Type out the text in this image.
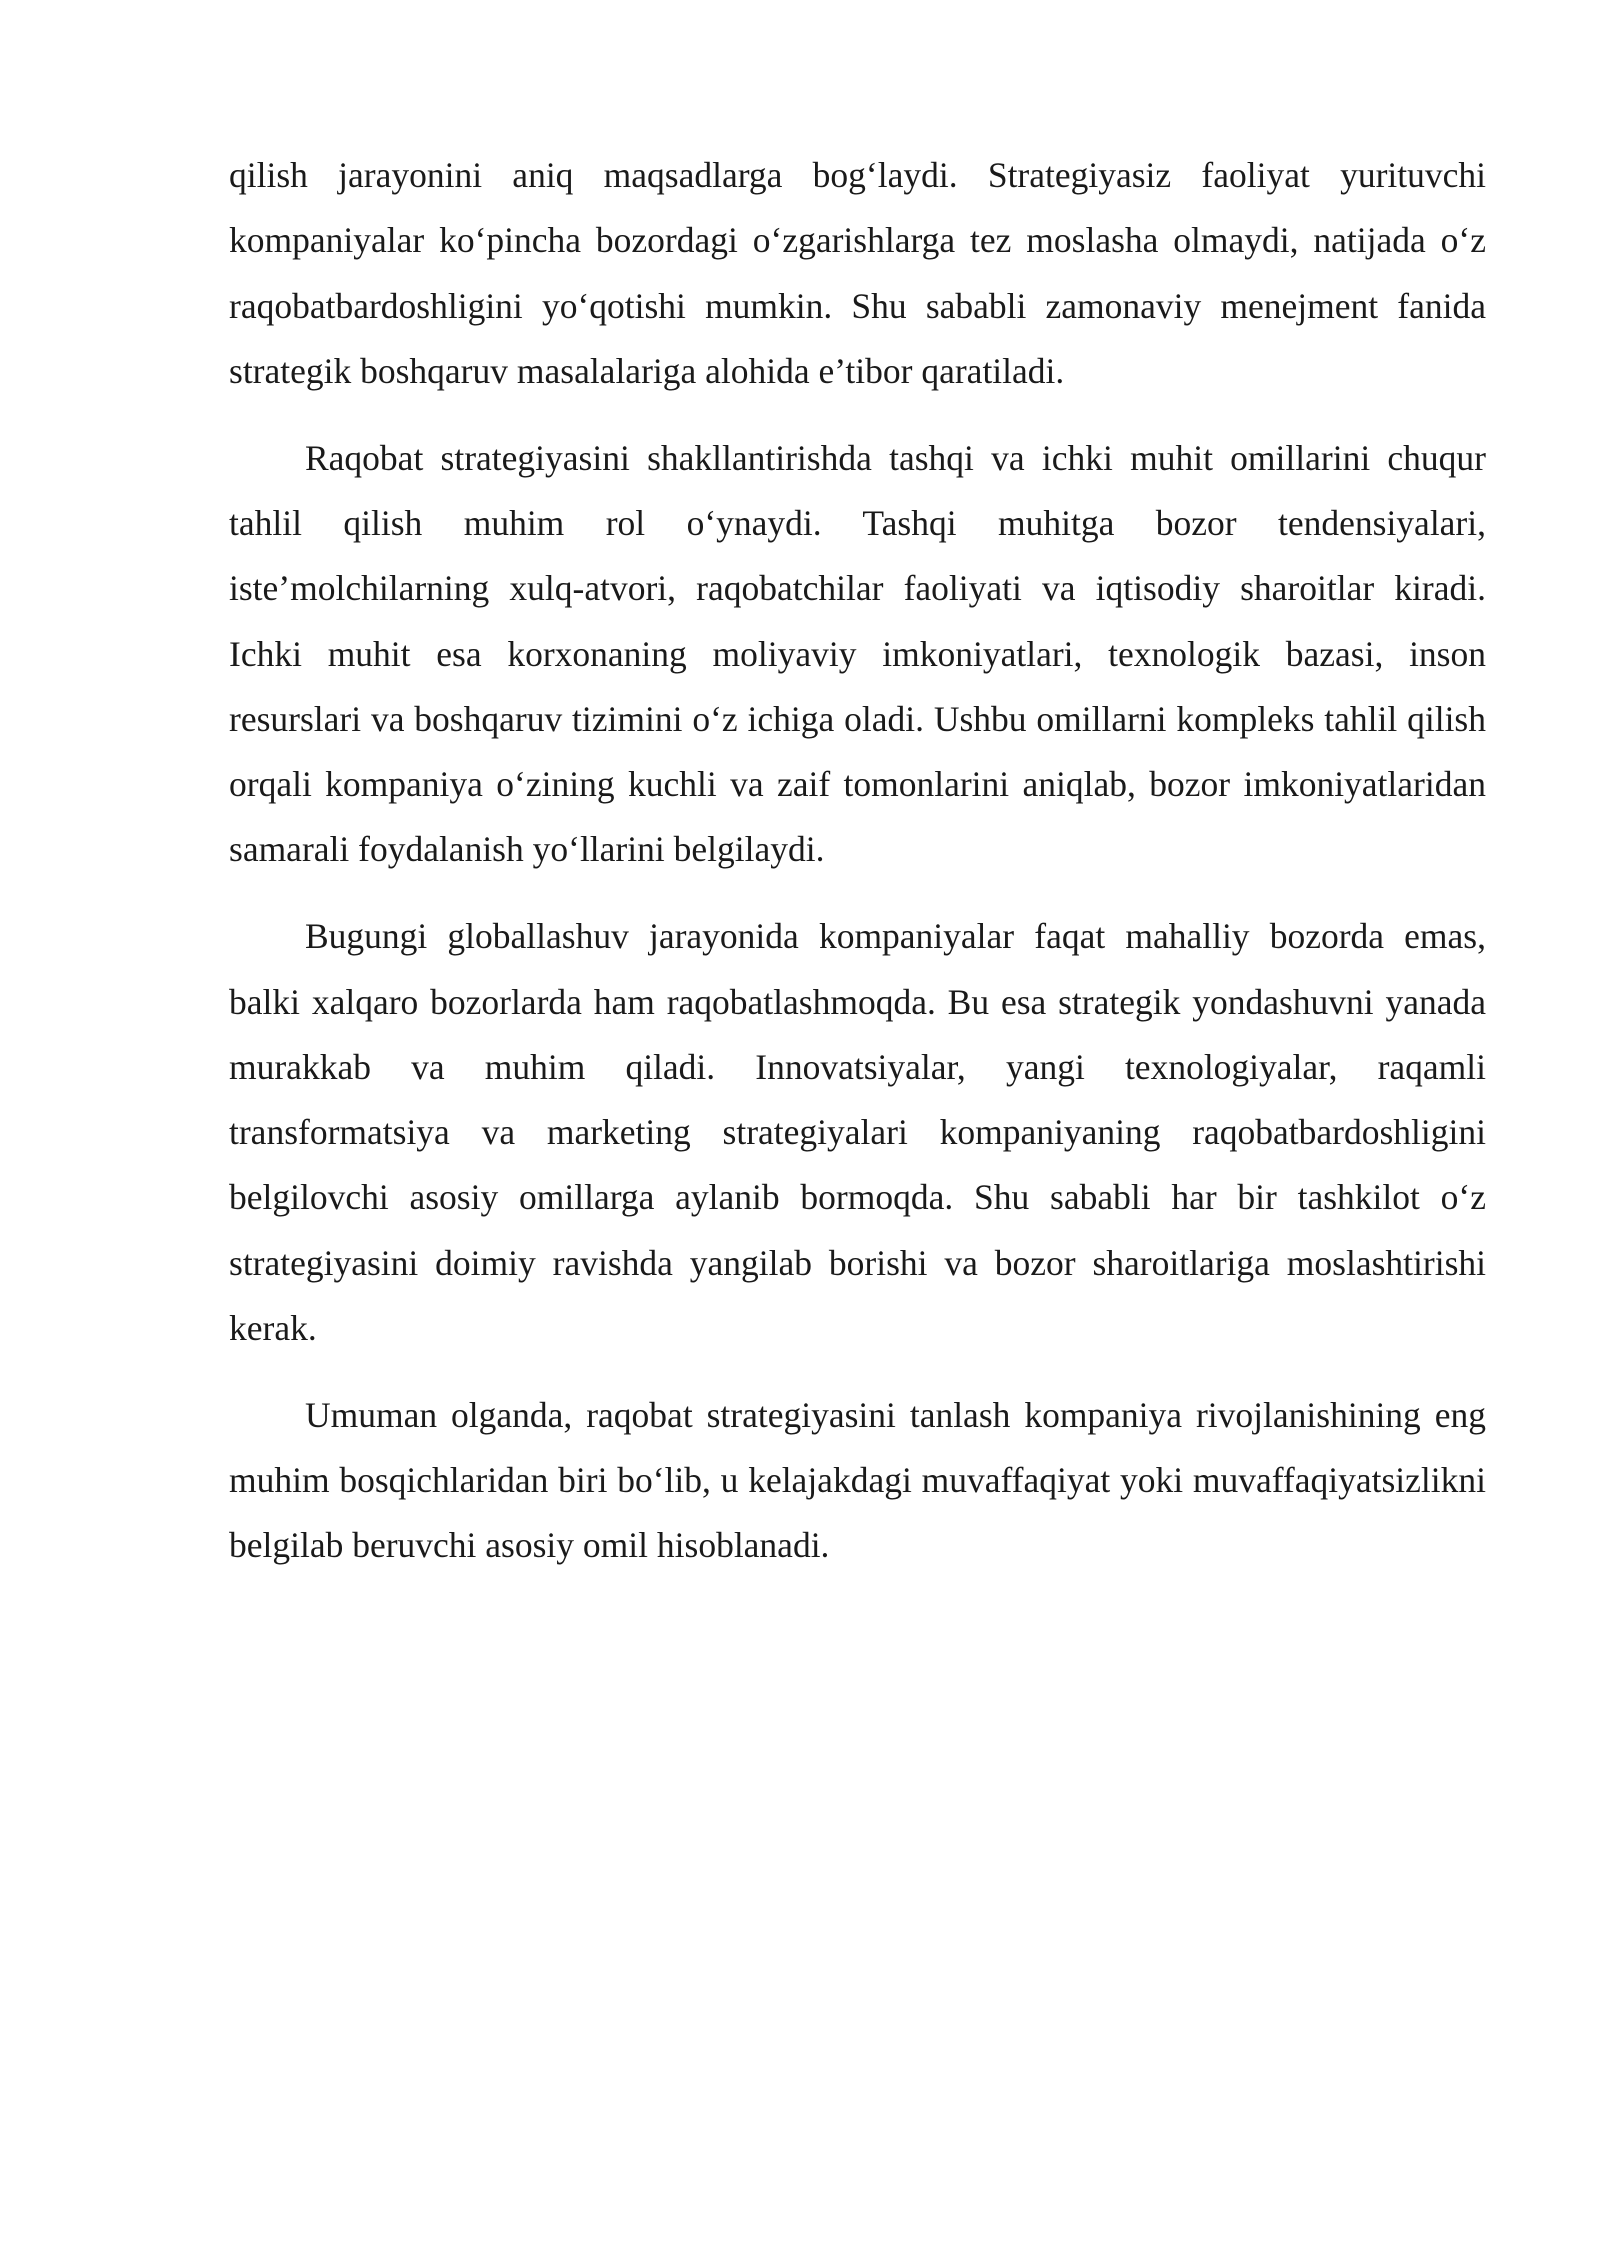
qilish jarayonini aniq maqsadlarga bog‘laydi. Strategiyasiz faoliyat yurituvchi kompaniyalar ko‘pincha bozordagi o‘zgarishlarga tez moslasha olmaydi, natijada o‘z raqobatbardoshligini yo‘qotishi mumkin. Shu sababli zamonaviy menejment fanida strategik boshqaruv masalalariga alohida e’tibor qaratiladi.

Raqobat strategiyasini shakllantirishda tashqi va ichki muhit omillarini chuqur tahlil qilish muhim rol o‘ynaydi. Tashqi muhitga bozor tendensiyalari, iste’molchilarning xulq-atvori, raqobatchilar faoliyati va iqtisodiy sharoitlar kiradi. Ichki muhit esa korxonaning moliyaviy imkoniyatlari, texnologik bazasi, inson resurslari va boshqaruv tizimini o‘z ichiga oladi. Ushbu omillarni kompleks tahlil qilish orqali kompaniya o‘zining kuchli va zaif tomonlarini aniqlab, bozor imkoniyatlaridan samarali foydalanish yo‘llarini belgilaydi.

Bugungi globallashuv jarayonida kompaniyalar faqat mahalliy bozorda emas, balki xalqaro bozorlarda ham raqobatlashmoqda. Bu esa strategik yondashuvni yanada murakkab va muhim qiladi. Innovatsiyalar, yangi texnologiyalar, raqamli transformatsiya va marketing strategiyalari kompaniyaning raqobatbardoshligini belgilovchi asosiy omillarga aylanib bormoqda. Shu sababli har bir tashkilot o‘z strategiyasini doimiy ravishda yangilab borishi va bozor sharoitlariga moslashtirishi kerak.

Umuman olganda, raqobat strategiyasini tanlash kompaniya rivojlanishining eng muhim bosqichlaridan biri bo‘lib, u kelajakdagi muvaffaqiyat yoki muvaffaqiyatsizlikni belgilab beruvchi asosiy omil hisoblanadi.
